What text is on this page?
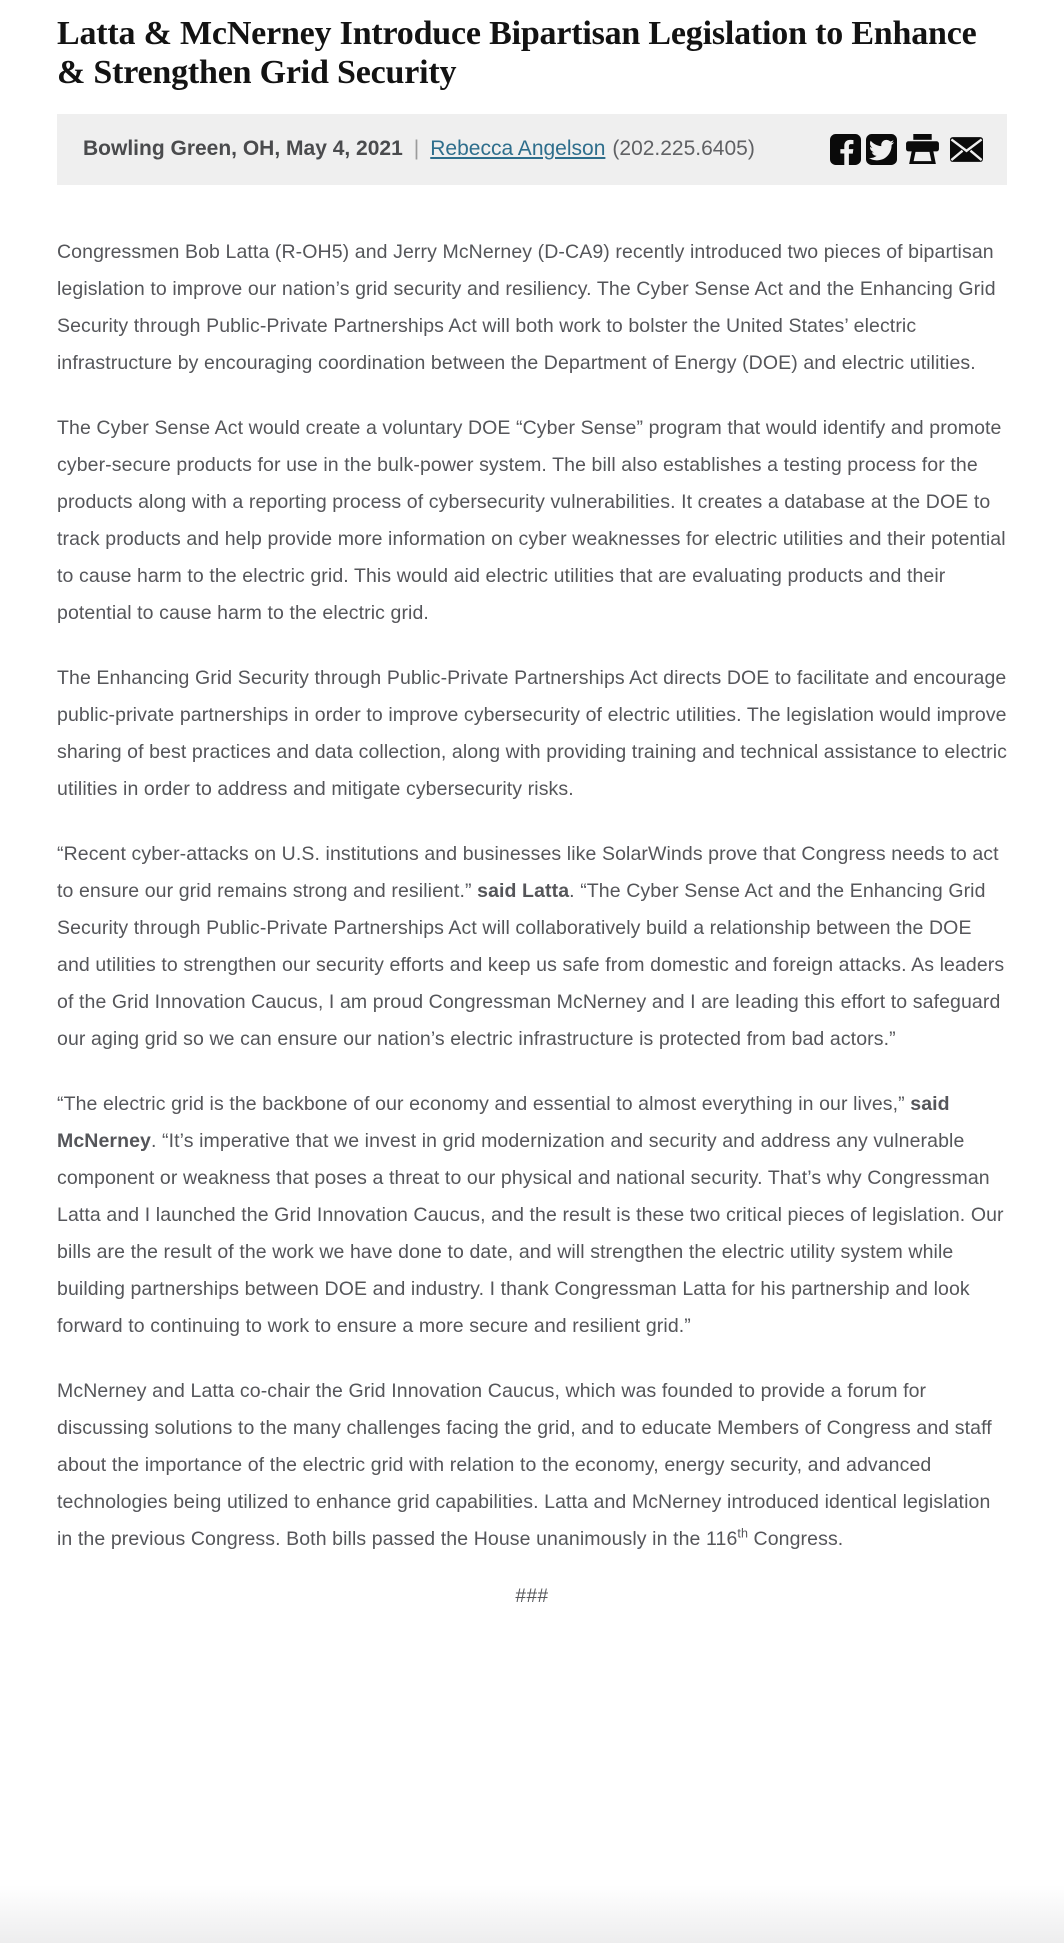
Latta & McNerney Introduce Bipartisan Legislation to Enhance & Strengthen Grid Security
Bowling Green, OH, May 4, 2021 | Rebecca Angelson (202.225.6405)

Congressmen Bob Latta (R-OH5) and Jerry McNerney (D-CA9) recently introduced two pieces of bipartisan legislation to improve our nation’s grid security and resiliency. The Cyber Sense Act and the Enhancing Grid Security through Public-Private Partnerships Act will both work to bolster the United States’ electric infrastructure by encouraging coordination between the Department of Energy (DOE) and electric utilities.

The Cyber Sense Act would create a voluntary DOE “Cyber Sense” program that would identify and promote cyber-secure products for use in the bulk-power system. The bill also establishes a testing process for the products along with a reporting process of cybersecurity vulnerabilities. It creates a database at the DOE to track products and help provide more information on cyber weaknesses for electric utilities and their potential to cause harm to the electric grid. This would aid electric utilities that are evaluating products and their potential to cause harm to the electric grid.

The Enhancing Grid Security through Public-Private Partnerships Act directs DOE to facilitate and encourage public-private partnerships in order to improve cybersecurity of electric utilities. The legislation would improve sharing of best practices and data collection, along with providing training and technical assistance to electric utilities in order to address and mitigate cybersecurity risks.

“Recent cyber-attacks on U.S. institutions and businesses like SolarWinds prove that Congress needs to act to ensure our grid remains strong and resilient.” said Latta. “The Cyber Sense Act and the Enhancing Grid Security through Public-Private Partnerships Act will collaboratively build a relationship between the DOE and utilities to strengthen our security efforts and keep us safe from domestic and foreign attacks. As leaders of the Grid Innovation Caucus, I am proud Congressman McNerney and I are leading this effort to safeguard our aging grid so we can ensure our nation’s electric infrastructure is protected from bad actors.”

“The electric grid is the backbone of our economy and essential to almost everything in our lives,” said McNerney. “It’s imperative that we invest in grid modernization and security and address any vulnerable component or weakness that poses a threat to our physical and national security. That’s why Congressman Latta and I launched the Grid Innovation Caucus, and the result is these two critical pieces of legislation. Our bills are the result of the work we have done to date, and will strengthen the electric utility system while building partnerships between DOE and industry. I thank Congressman Latta for his partnership and look forward to continuing to work to ensure a more secure and resilient grid.”

McNerney and Latta co-chair the Grid Innovation Caucus, which was founded to provide a forum for discussing solutions to the many challenges facing the grid, and to educate Members of Congress and staff about the importance of the electric grid with relation to the economy, energy security, and advanced technologies being utilized to enhance grid capabilities. Latta and McNerney introduced identical legislation in the previous Congress. Both bills passed the House unanimously in the 116th Congress.

###
